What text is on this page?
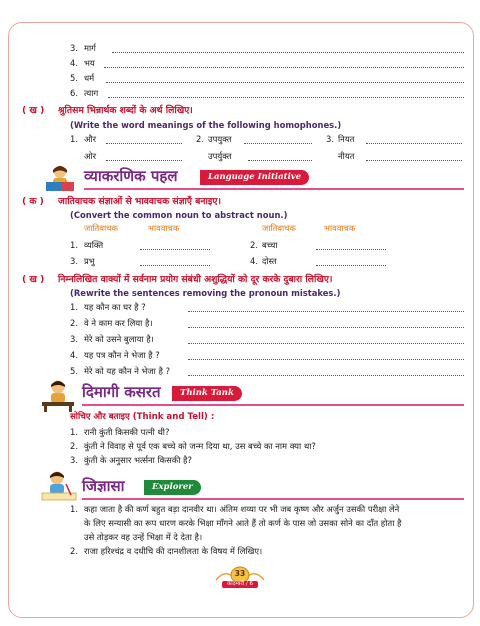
3. मार्ग
4. भय
5. धर्म
6. त्याग
( ख ) श्रुतिसम भिन्नार्थक शब्दों के अर्थ लिखिए।
(Write the word meanings of the following homophones.)
1. और	2. उपयुक्त	3. नियत
ओर	उपर्युक्त	नीयत
व्याकरणिक पहल	Language Initiative
( क ) जातिवाचक संज्ञाओं से भाववाचक संज्ञाएँ बनाइए।
(Convert the common noun to abstract noun.)
जातिवाचक	भाववाचक	जातिवाचक	भाववाचक
1. व्यक्ति	2. बच्चा
3. प्रभु	4. दोस्त
( ख ) निम्नलिखित वाक्यों में सर्वनाम प्रयोग संबंधी अशुद्धियों को दूर करके दुबारा लिखिए।
(Rewrite the sentences removing the pronoun mistakes.)
1. यह कौन का घर है ?
2. वे ने काम कर लिया है।
3. मेरे को उसने बुलाया है।
4. यह पत्र कौन ने भेजा है ?
5. मेरे को यह कौन ने भेजा है ?
दिमागी कसरत	Think Tank
सोचिए और बताइए (Think and Tell) :
1. रानी कुंती किसकी पत्नी थी?
2. कुंती ने विवाह से पूर्व एक बच्चे को जन्म दिया था, उस बच्चे का नाम क्या था?
3. कुंती के अनुसार भर्त्सना किसकी है?
जिज्ञासा	Explorer
1. कहा जाता है की कर्ण बहुत बड़ा दानवीर था। अंतिम शय्या पर भी जब कृष्ण और अर्जुन उसकी परीक्षा लेने
के लिए सन्यासी का रूप धारण करके भिक्षा माँगने आते हैं तो कर्ण के पास जो उसका सोने का दाँत होता है
उसे तोड़कर वह उन्हें भिक्षा में दे देता है।
2. राजा हरिश्चंद्र व दधीचि की दानशीलता के विषय में लिखिए।
33
कादम्बरी / 6
